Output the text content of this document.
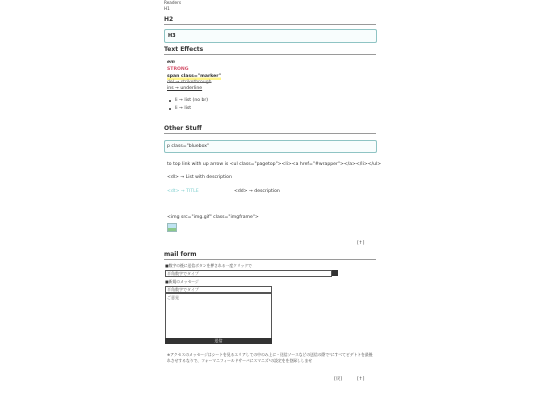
Readers
H1
H2
H3
Text Effects
em
STRONG
span class="marker"
del → strikethrough
ins → underline
li → list (no br)
li → list
Other Stuff
p class="bluebox"
to top link with up arrow is <ul class="pagetop"><li><a href="#wrapper"></a></li></ul>
<dl> → List with description
<dt> → TITLE	<dd> → description
<img src="img.gif" class="imgframe">
[↑]
mail form
■数字の後に送信ボタンを押される一度クリックで
半角数字でタイプ
■新規のメッセージ
半角数字でタイプ
ご意見
送信
※アクセスのメッセージはシートを見るエリアしての中のみ上に・送信ソースなどの送信の際で"にすべてビデトトを最後れさせするなりで、フォーマニフィールドサーバにスマニズ"の設定をを登録ししませ
[戻]	[↑]
